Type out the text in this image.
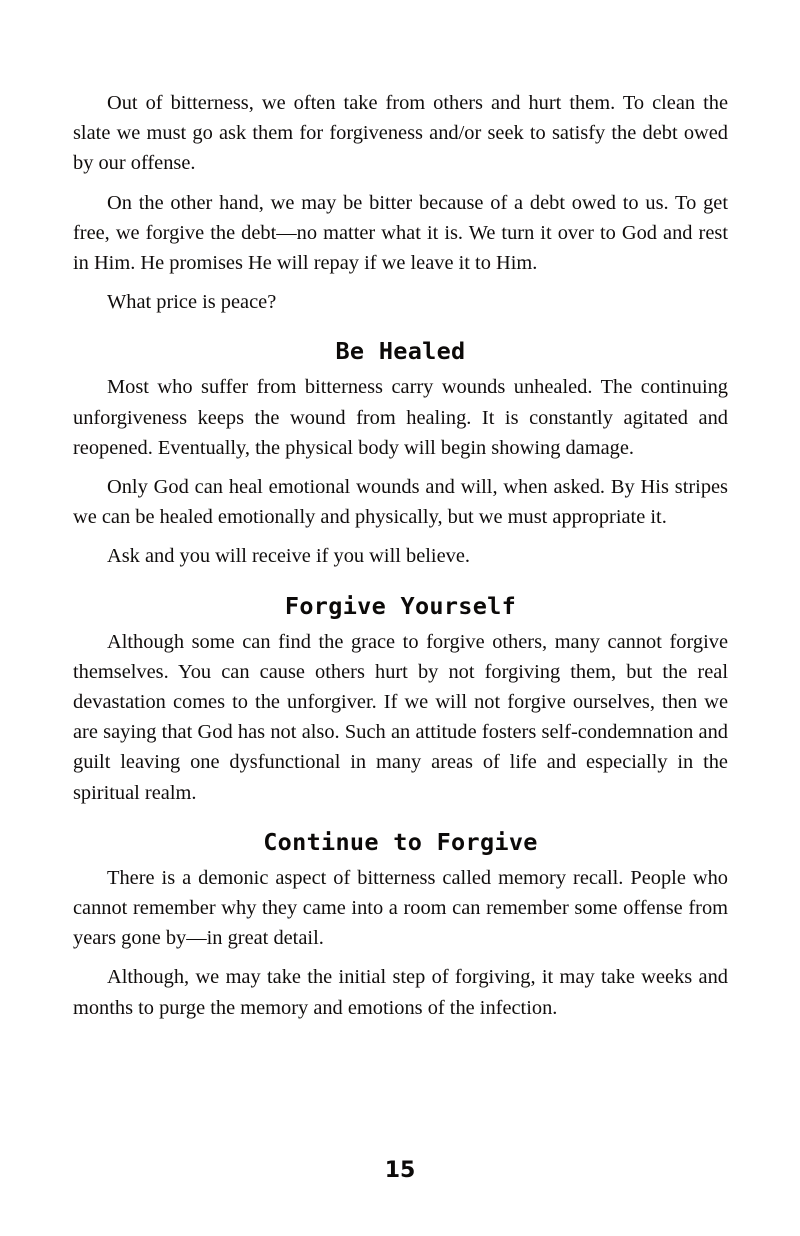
Out of bitterness, we often take from others and hurt them. To clean the slate we must go ask them for forgiveness and/or seek to satisfy the debt owed by our offense.

On the other hand, we may be bitter because of a debt owed to us. To get free, we forgive the debt—no matter what it is. We turn it over to God and rest in Him. He promises He will repay if we leave it to Him.

What price is peace?

Be Healed

Most who suffer from bitterness carry wounds unhealed. The continuing unforgiveness keeps the wound from healing. It is constantly agitated and reopened. Eventually, the physical body will begin showing damage.

Only God can heal emotional wounds and will, when asked. By His stripes we can be healed emotionally and physically, but we must appropriate it.

Ask and you will receive if you will believe.

Forgive Yourself

Although some can find the grace to forgive others, many cannot forgive themselves. You can cause others hurt by not forgiving them, but the real devastation comes to the unforgiver. If we will not forgive ourselves, then we are saying that God has not also. Such an attitude fosters self-condemnation and guilt leaving one dysfunctional in many areas of life and especially in the spiritual realm.

Continue to Forgive

There is a demonic aspect of bitterness called memory recall. People who cannot remember why they came into a room can remember some offense from years gone by—in great detail.

Although, we may take the initial step of forgiving, it may take weeks and months to purge the memory and emotions of the infection.

15
